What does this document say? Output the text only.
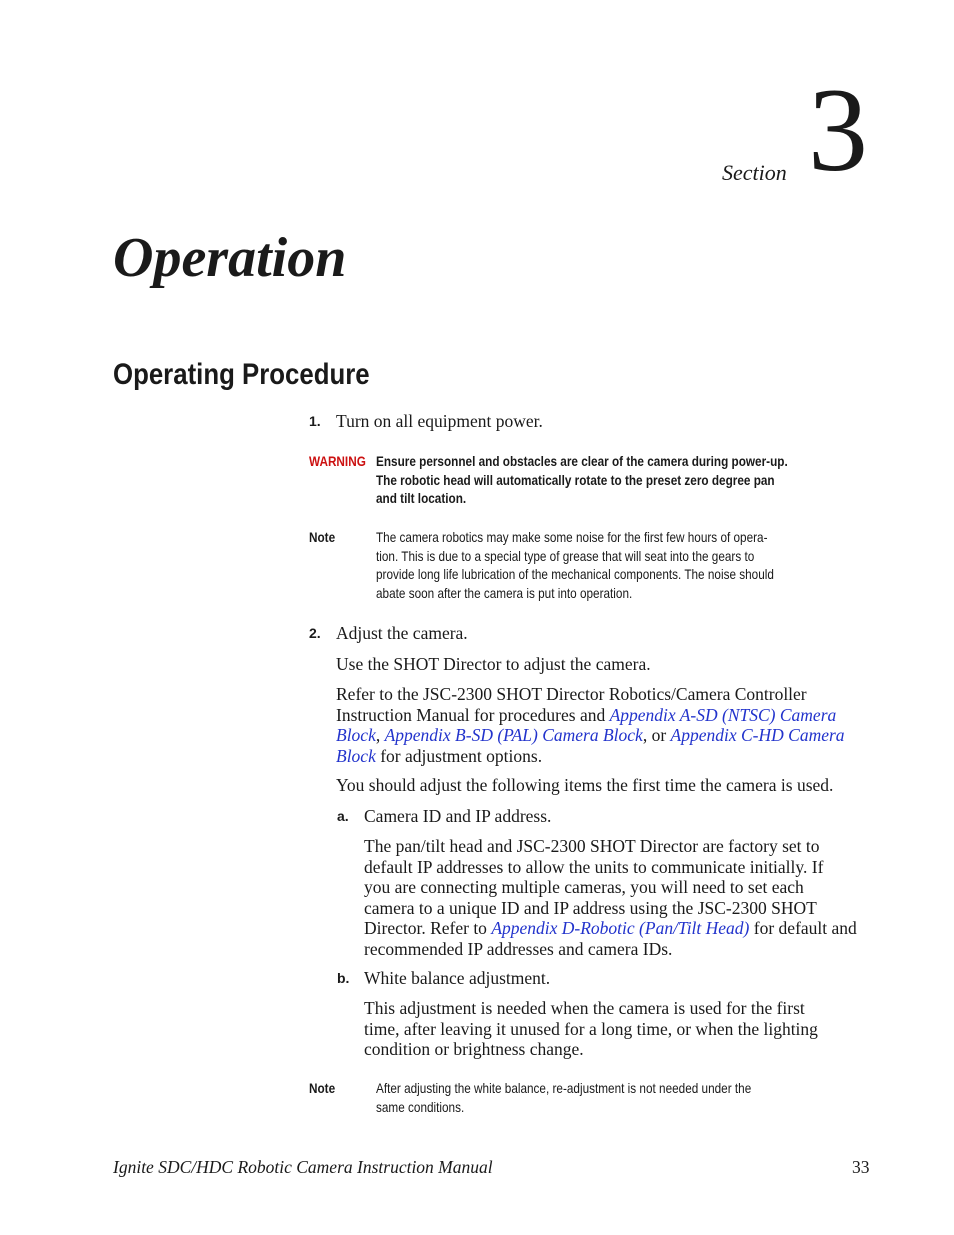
Section 3
Operation
Operating Procedure
1. Turn on all equipment power.
WARNING Ensure personnel and obstacles are clear of the camera during power-up.
The robotic head will automatically rotate to the preset zero degree pan
and tilt location.
Note	The camera robotics may make some noise for the first few hours of opera-
tion. This is due to a special type of grease that will seat into the gears to
provide long life lubrication of the mechanical components. The noise should
abate soon after the camera is put into operation.
2. Adjust the camera.
Use the SHOT Director to adjust the camera.
Refer to the JSC-2300 SHOT Director Robotics/Camera Controller
Instruction Manual for procedures and Appendix A-SD (NTSC) Camera
Block, Appendix B-SD (PAL) Camera Block, or Appendix C-HD Camera
Block for adjustment options.
You should adjust the following items the first time the camera is used.
a. Camera ID and IP address.
The pan/tilt head and JSC-2300 SHOT Director are factory set to
default IP addresses to allow the units to communicate initially. If
you are connecting multiple cameras, you will need to set each
camera to a unique ID and IP address using the JSC-2300 SHOT
Director. Refer to Appendix D-Robotic (Pan/Tilt Head) for default and
recommended IP addresses and camera IDs.
b. White balance adjustment.
This adjustment is needed when the camera is used for the first
time, after leaving it unused for a long time, or when the lighting
condition or brightness change.
Note	After adjusting the white balance, re-adjustment is not needed under the
same conditions.
Ignite SDC/HDC Robotic Camera Instruction Manual	33
